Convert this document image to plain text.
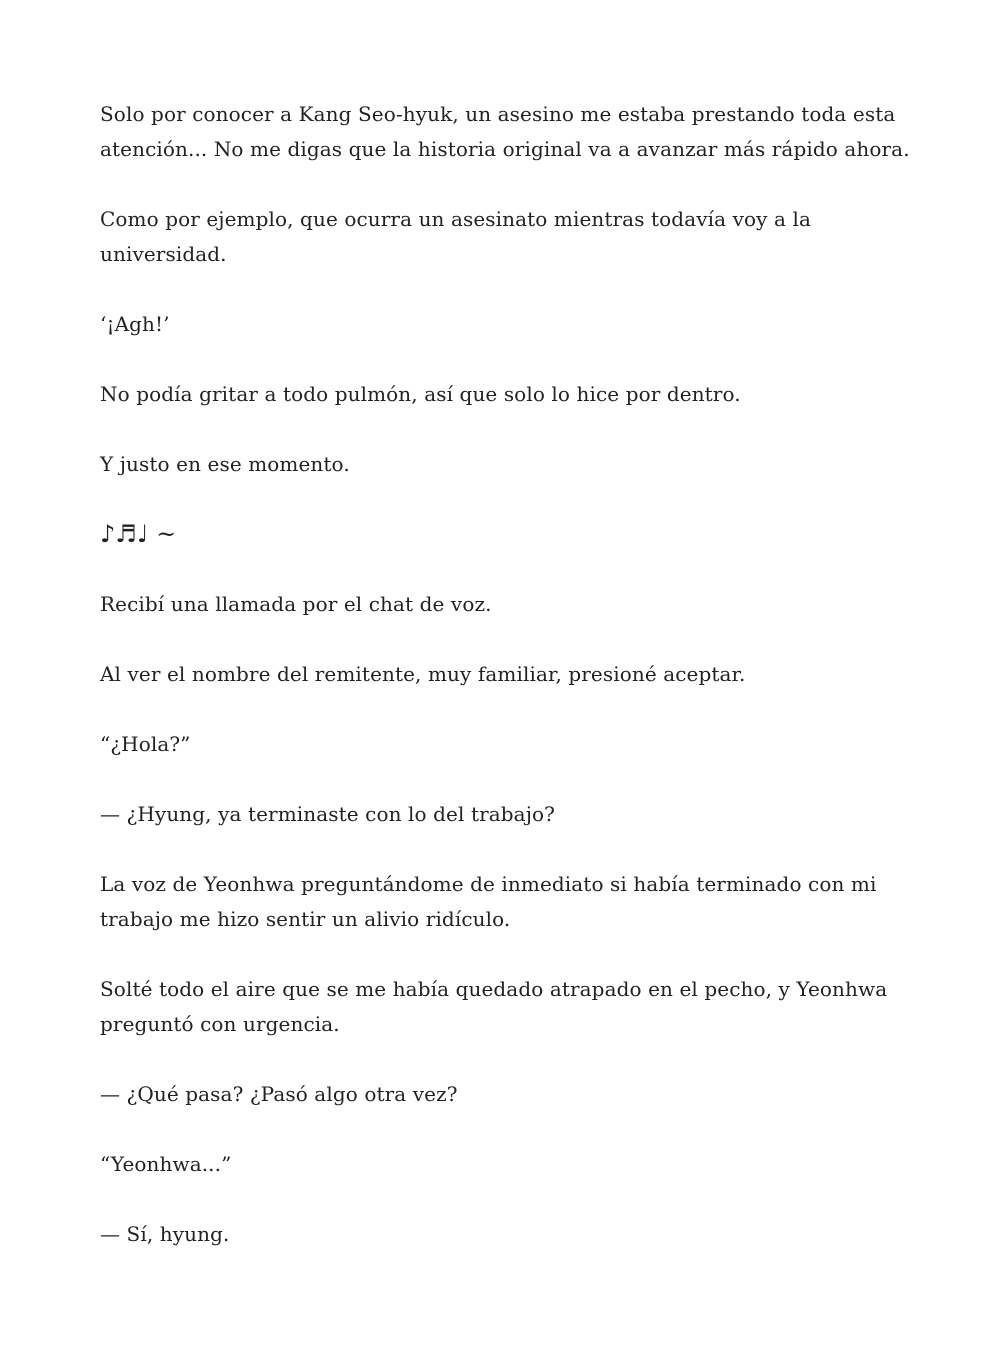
Solo por conocer a Kang Seo-hyuk, un asesino me estaba prestando toda esta atención... No me digas que la historia original va a avanzar más rápido ahora.

Como por ejemplo, que ocurra un asesinato mientras todavía voy a la universidad.

‘¡Agh!’

No podía gritar a todo pulmón, así que solo lo hice por dentro.

Y justo en ese momento.

♪♬♩ ~

Recibí una llamada por el chat de voz.

Al ver el nombre del remitente, muy familiar, presioné aceptar.

“¿Hola?”

— ¿Hyung, ya terminaste con lo del trabajo?

La voz de Yeonhwa preguntándome de inmediato si había terminado con mi trabajo me hizo sentir un alivio ridículo.

Solté todo el aire que se me había quedado atrapado en el pecho, y Yeonhwa preguntó con urgencia.

— ¿Qué pasa? ¿Pasó algo otra vez?

“Yeonhwa...”

— Sí, hyung.
